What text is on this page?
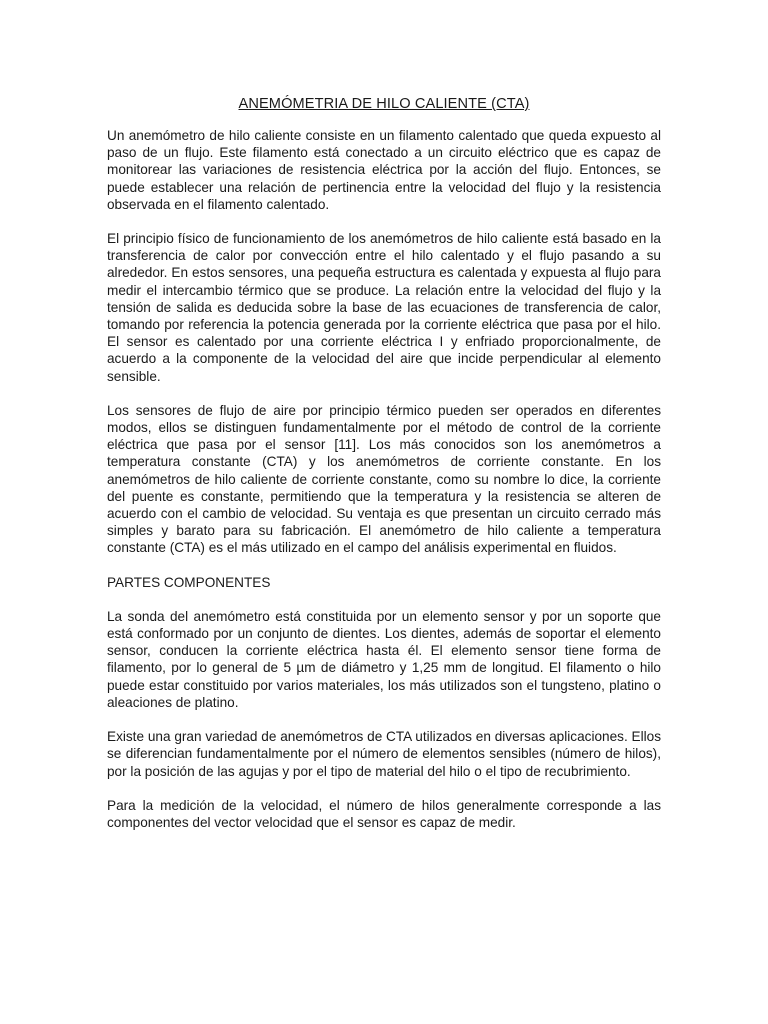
ANEMÓMETRIA DE HILO CALIENTE (CTA)

Un anemómetro de hilo caliente consiste en un filamento calentado que queda expuesto al paso de un flujo. Este filamento está conectado a un circuito eléctrico que es capaz de monitorear las variaciones de resistencia eléctrica por la acción del flujo. Entonces, se puede establecer una relación de pertinencia entre la velocidad del flujo y la resistencia observada en el filamento calentado.

El principio físico de funcionamiento de los anemómetros de hilo caliente está basado en la transferencia de calor por convección entre el hilo calentado y el flujo pasando a su alrededor. En estos sensores, una pequeña estructura es calentada y expuesta al flujo para medir el intercambio térmico que se produce. La relación entre la velocidad del flujo y la tensión de salida es deducida sobre la base de las ecuaciones de transferencia de calor, tomando por referencia la potencia generada por la corriente eléctrica que pasa por el hilo. El sensor es calentado por una corriente eléctrica I y enfriado proporcionalmente, de acuerdo a la componente de la velocidad del aire que incide perpendicular al elemento sensible.

Los sensores de flujo de aire por principio térmico pueden ser operados en diferentes modos, ellos se distinguen fundamentalmente por el método de control de la corriente eléctrica que pasa por el sensor [11]. Los más conocidos son los anemómetros a temperatura constante (CTA) y los anemómetros de corriente constante. En los anemómetros de hilo caliente de corriente constante, como su nombre lo dice, la corriente del puente es constante, permitiendo que la temperatura y la resistencia se alteren de acuerdo con el cambio de velocidad. Su ventaja es que presentan un circuito cerrado más simples y barato para su fabricación. El anemómetro de hilo caliente a temperatura constante (CTA) es el más utilizado en el campo del análisis experimental en fluidos.

PARTES COMPONENTES

La sonda del anemómetro está constituida por un elemento sensor y por un soporte que está conformado por un conjunto de dientes. Los dientes, además de soportar el elemento sensor, conducen la corriente eléctrica hasta él. El elemento sensor tiene forma de filamento, por lo general de 5 µm de diámetro y 1,25 mm de longitud. El filamento o hilo puede estar constituido por varios materiales, los más utilizados son el tungsteno, platino o aleaciones de platino.

Existe una gran variedad de anemómetros de CTA utilizados en diversas aplicaciones. Ellos se diferencian fundamentalmente por el número de elementos sensibles (número de hilos), por la posición de las agujas y por el tipo de material del hilo o el tipo de recubrimiento.

Para la medición de la velocidad, el número de hilos generalmente corresponde a las componentes del vector velocidad que el sensor es capaz de medir.
